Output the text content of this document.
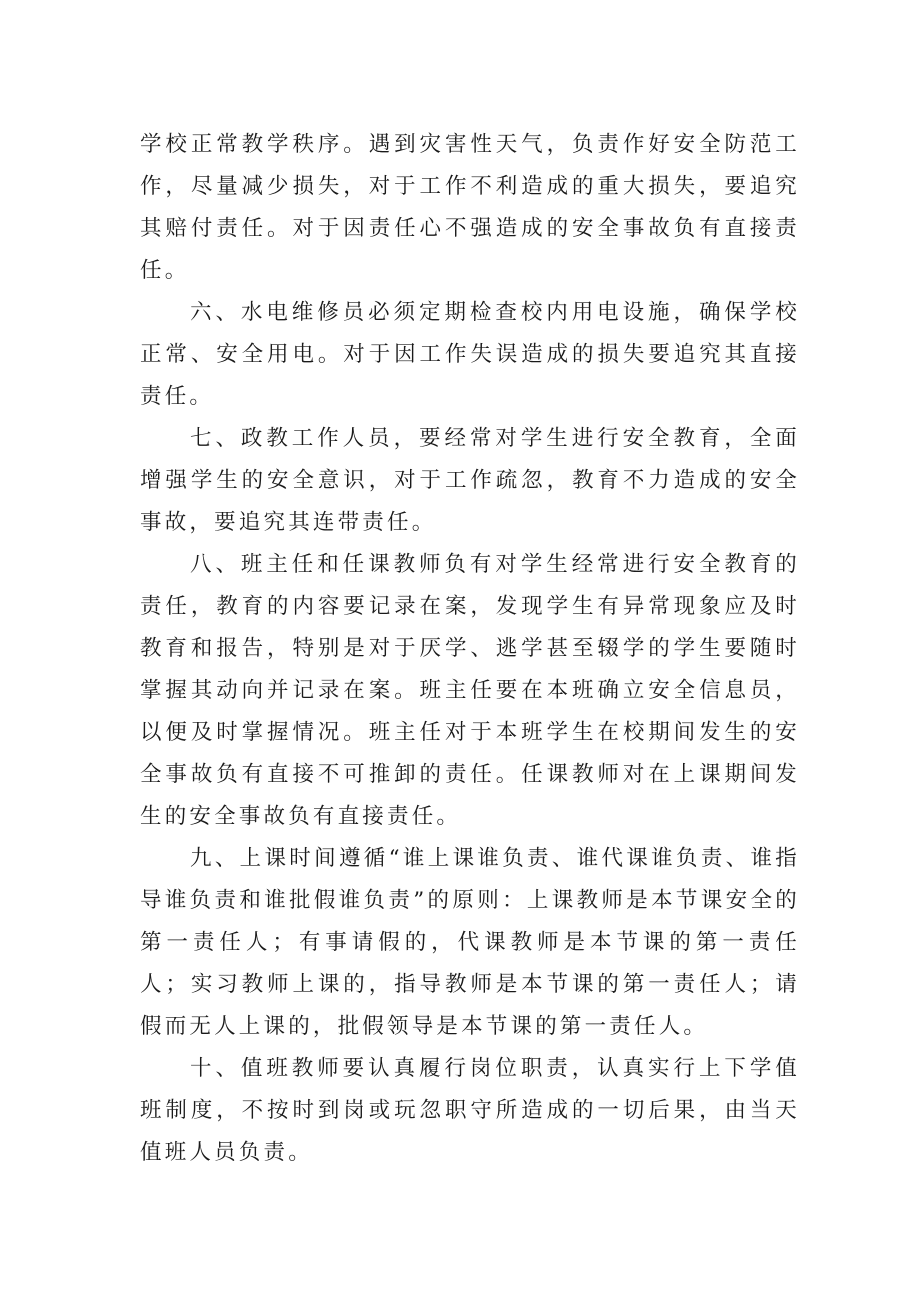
学校正常教学秩序。遇到灾害性天气，负责作好安全防范工作，尽量减少损失，对于工作不利造成的重大损失，要追究其赔付责任。对于因责任心不强造成的安全事故负有直接责任。

六、水电维修员必须定期检查校内用电设施，确保学校正常、安全用电。对于因工作失误造成的损失要追究其直接责任。

七、政教工作人员，要经常对学生进行安全教育，全面增强学生的安全意识，对于工作疏忽，教育不力造成的安全事故，要追究其连带责任。

八、班主任和任课教师负有对学生经常进行安全教育的责任，教育的内容要记录在案，发现学生有异常现象应及时教育和报告，特别是对于厌学、逃学甚至辍学的学生要随时掌握其动向并记录在案。班主任要在本班确立安全信息员，以便及时掌握情况。班主任对于本班学生在校期间发生的安全事故负有直接不可推卸的责任。任课教师对在上课期间发生的安全事故负有直接责任。

九、上课时间遵循“谁上课谁负责、谁代课谁负责、谁指导谁负责和谁批假谁负责”的原则：上课教师是本节课安全的第一责任人；有事请假的，代课教师是本节课的第一责任人；实习教师上课的，指导教师是本节课的第一责任人；请假而无人上课的，批假领导是本节课的第一责任人。

十、值班教师要认真履行岗位职责，认真实行上下学值班制度，不按时到岗或玩忽职守所造成的一切后果，由当天值班人员负责。
